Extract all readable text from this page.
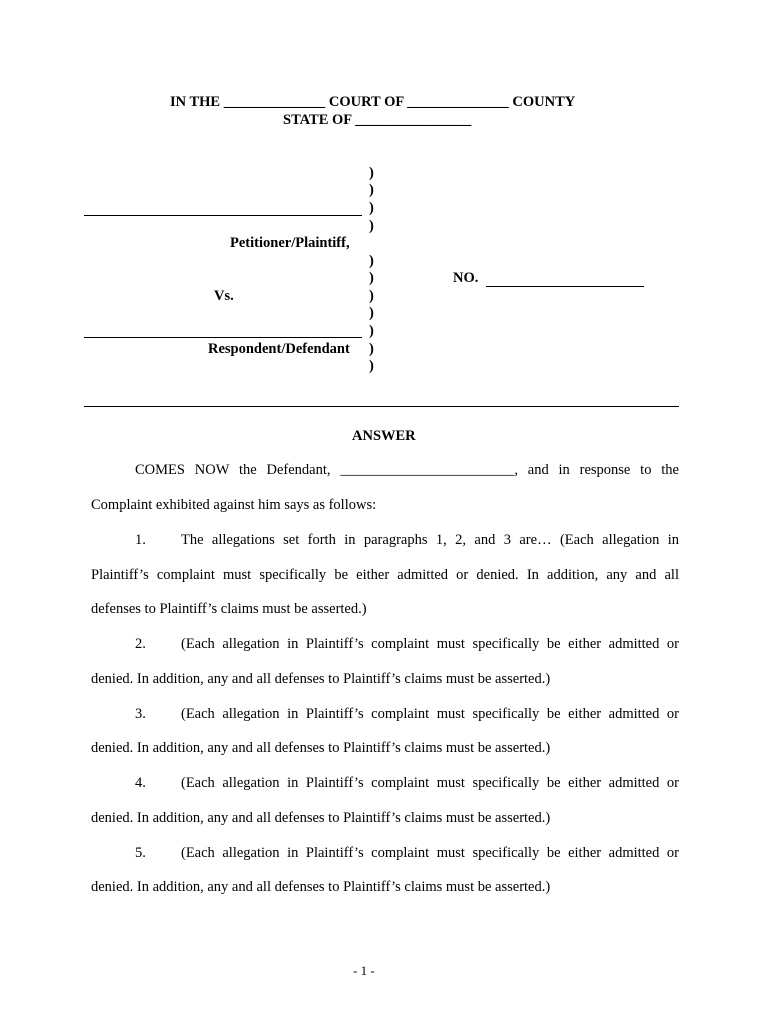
IN THE ______________ COURT OF ______________ COUNTY
STATE OF ________________
)
)
)
)
)
)
)
)
)
)
)
Petitioner/Plaintiff,
Vs.
NO.
Respondent/Defendant
ANSWER
COMES NOW the Defendant, ________________________, and in response to the
Complaint exhibited against him says as follows:
1. The allegations set forth in paragraphs 1, 2, and 3 are… (Each allegation in
Plaintiff’s complaint must specifically be either admitted or denied. In addition, any and all
defenses to Plaintiff’s claims must be asserted.)
2. (Each allegation in Plaintiff’s complaint must specifically be either admitted or
denied. In addition, any and all defenses to Plaintiff’s claims must be asserted.)
3. (Each allegation in Plaintiff’s complaint must specifically be either admitted or
denied. In addition, any and all defenses to Plaintiff’s claims must be asserted.)
4. (Each allegation in Plaintiff’s complaint must specifically be either admitted or
denied. In addition, any and all defenses to Plaintiff’s claims must be asserted.)
5. (Each allegation in Plaintiff’s complaint must specifically be either admitted or
denied. In addition, any and all defenses to Plaintiff’s claims must be asserted.)
- 1 -
